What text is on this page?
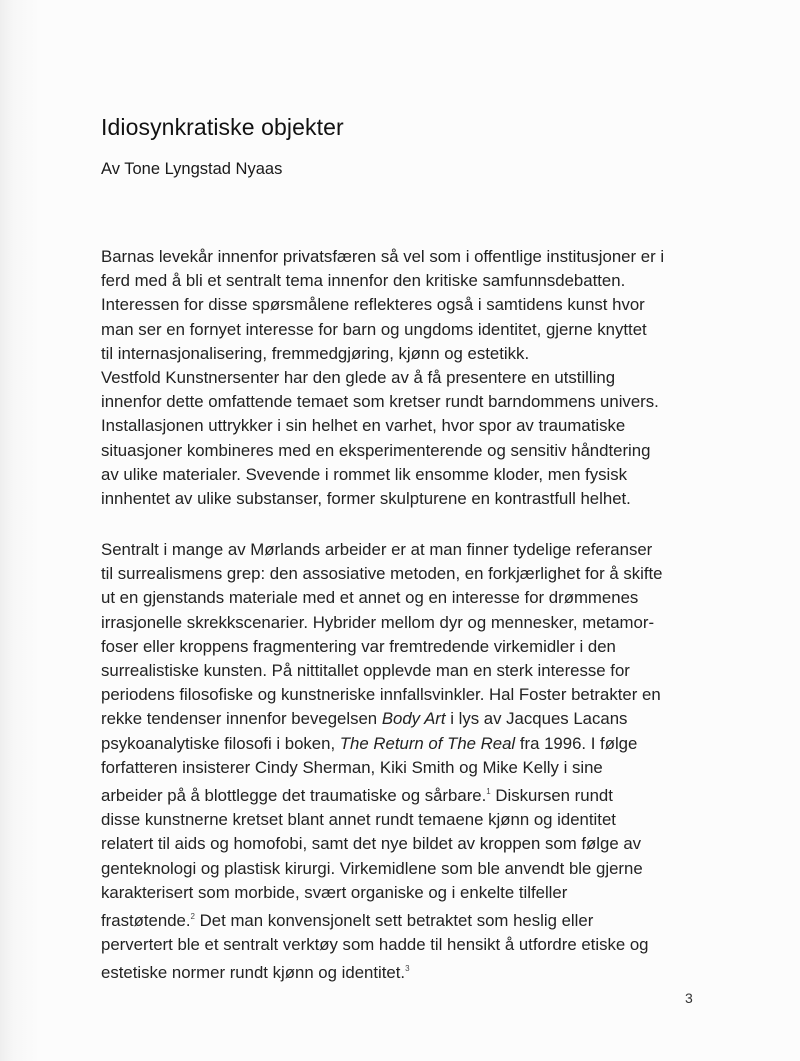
Idiosynkratiske objekter

Av Tone Lyngstad Nyaas

Barnas levekår innenfor privatsfæren så vel som i offentlige institusjoner er i
ferd med å bli et sentralt tema innenfor den kritiske samfunnsdebatten.
Interessen for disse spørsmålene reflekteres også i samtidens kunst hvor
man ser en fornyet interesse for barn og ungdoms identitet, gjerne knyttet
til internasjonalisering, fremmedgjøring, kjønn og estetikk.
Vestfold Kunstnersenter har den glede av å få presentere en utstilling
innenfor dette omfattende temaet som kretser rundt barndommens univers.
Installasjonen uttrykker i sin helhet en varhet, hvor spor av traumatiske
situasjoner kombineres med en eksperimenterende og sensitiv håndtering
av ulike materialer. Svevende i rommet lik ensomme kloder, men fysisk
innhentet av ulike substanser, former skulpturene en kontrastfull helhet.
Sentralt i mange av Mørlands arbeider er at man finner tydelige referanser
til surrealismens grep: den assosiative metoden, en forkjærlighet for å skifte
ut en gjenstands materiale med et annet og en interesse for drømmenes
irrasjonelle skrekkscenarier. Hybrider mellom dyr og mennesker, metamor-
foser eller kroppens fragmentering var fremtredende virkemidler i den
surrealistiske kunsten. På nittitallet opplevde man en sterk interesse for
periodens filosofiske og kunstneriske innfallsvinkler. Hal Foster betrakter en
rekke tendenser innenfor bevegelsen Body Art i lys av Jacques Lacans
psykoanalytiske filosofi i boken, The Return of The Real fra 1996. I følge
forfatteren insisterer Cindy Sherman, Kiki Smith og Mike Kelly i sine
arbeider på å blottlegge det traumatiske og sårbare.$^1$ Diskursen rundt
disse kunstnerne kretset blant annet rundt temaene kjønn og identitet
relatert til aids og homofobi, samt det nye bildet av kroppen som følge av
genteknologi og plastisk kirurgi. Virkemidlene som ble anvendt ble gjerne
karakterisert som morbide, svært organiske og i enkelte tilfeller
frastøtende.$^2$ Det man konvensjonelt sett betraktet som heslig eller
pervertert ble et sentralt verktøy som hadde til hensikt å utfordre etiske og
estetiske normer rundt kjønn og identitet.$^3$
3
